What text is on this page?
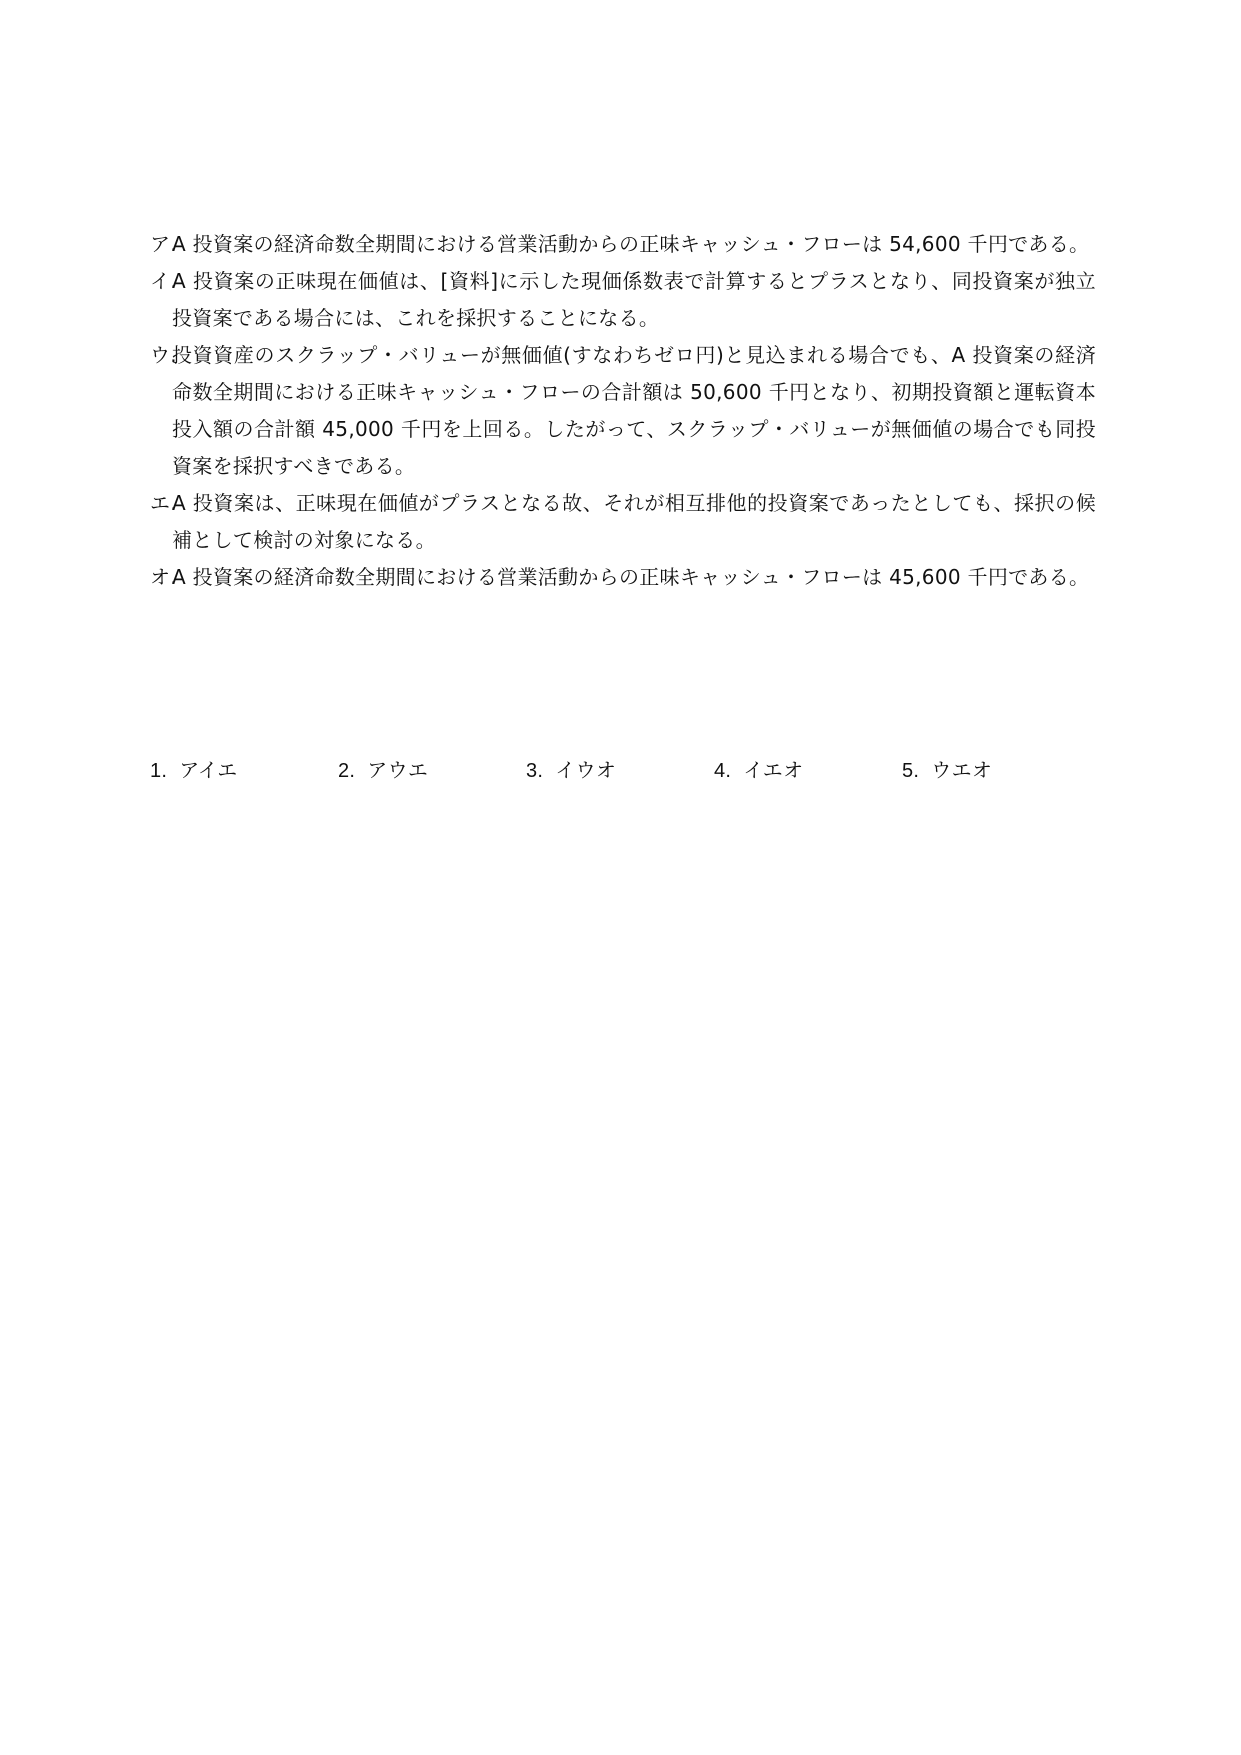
ア.
A 投資案の経済命数全期間における営業活動からの正味キャッシュ・フローは 54,600 千円である。
イ.
A 投資案の正味現在価値は、[資料]に示した現価係数表で計算するとプラスとなり、同投資案が独立投資案である場合には、これを採択することになる。
ウ.
投資資産のスクラップ・バリューが無価値(すなわちゼロ円)と見込まれる場合でも、A 投資案の経済命数全期間における正味キャッシュ・フローの合計額は 50,600 千円となり、初期投資額と運転資本投入額の合計額 45,000 千円を上回る。したがって、スクラップ・バリューが無価値の場合でも同投資案を採択すべきである。
エ.
A 投資案は、正味現在価値がプラスとなる故、それが相互排他的投資案であったとしても、採択の候補として検討の対象になる。
オ.
A 投資案の経済命数全期間における営業活動からの正味キャッシュ・フローは 45,600 千円である。
1. アイエ	2. アウエ	3. イウオ	4. イエオ	5. ウエオ
